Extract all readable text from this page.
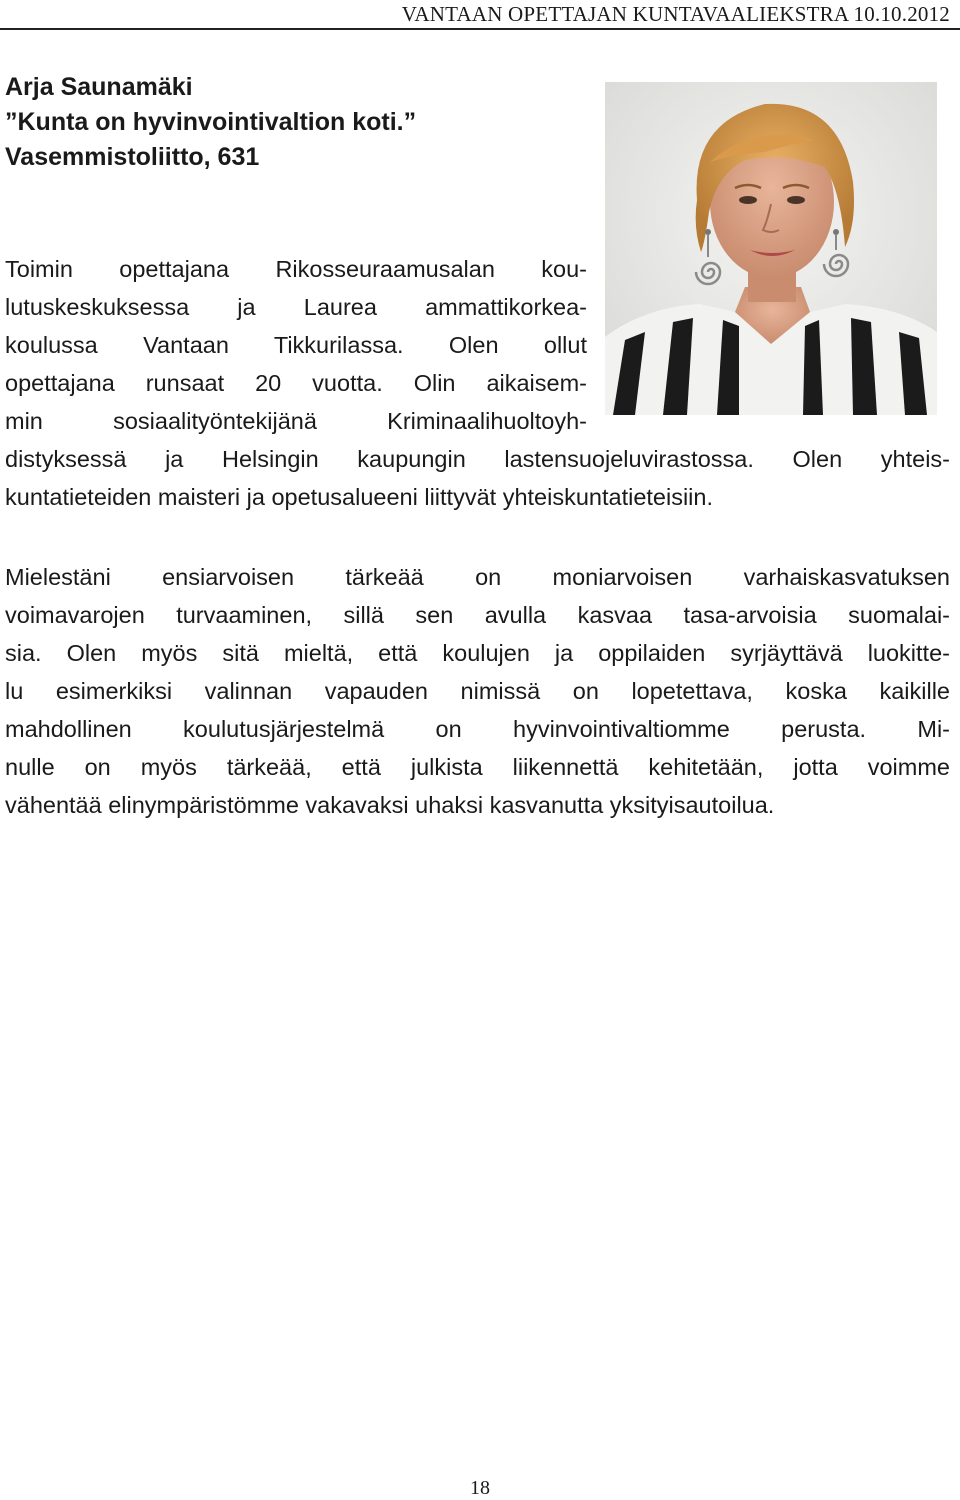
VANTAAN OPETTAJAN KUNTAVAALIEKSTRA 10.10.2012
Arja Saunamäki
”Kunta on hyvinvointivaltion koti.”
Vasemmistoliitto, 631
Toimin opettajana Rikosseuraamusalan kou-
lutuskeskuksessa ja Laurea ammattikorkea-
koulussa Vantaan Tikkurilassa. Olen ollut
opettajana runsaat 20 vuotta. Olin aikaisem-
min sosiaalityöntekijänä Kriminaalihuoltoyh-
distyksessä ja Helsingin kaupungin lastensuojeluvirastossa. Olen yhteis-
kuntatieteiden maisteri ja opetusalueeni liittyvät yhteiskuntatieteisiin.
Mielestäni ensiarvoisen tärkeää on moniarvoisen varhaiskasvatuksen
voimavarojen turvaaminen, sillä sen avulla kasvaa tasa-arvoisia suomalai-
sia. Olen myös sitä mieltä, että koulujen ja oppilaiden syrjäyttävä luokitte-
lu esimerkiksi valinnan vapauden nimissä on lopetettava, koska kaikille
mahdollinen koulutusjärjestelmä on hyvinvointivaltiomme perusta. Mi-
nulle on myös tärkeää, että julkista liikennettä kehitetään, jotta voimme
vähentää elinympäristömme vakavaksi uhaksi kasvanutta yksityisautoilua.
18
